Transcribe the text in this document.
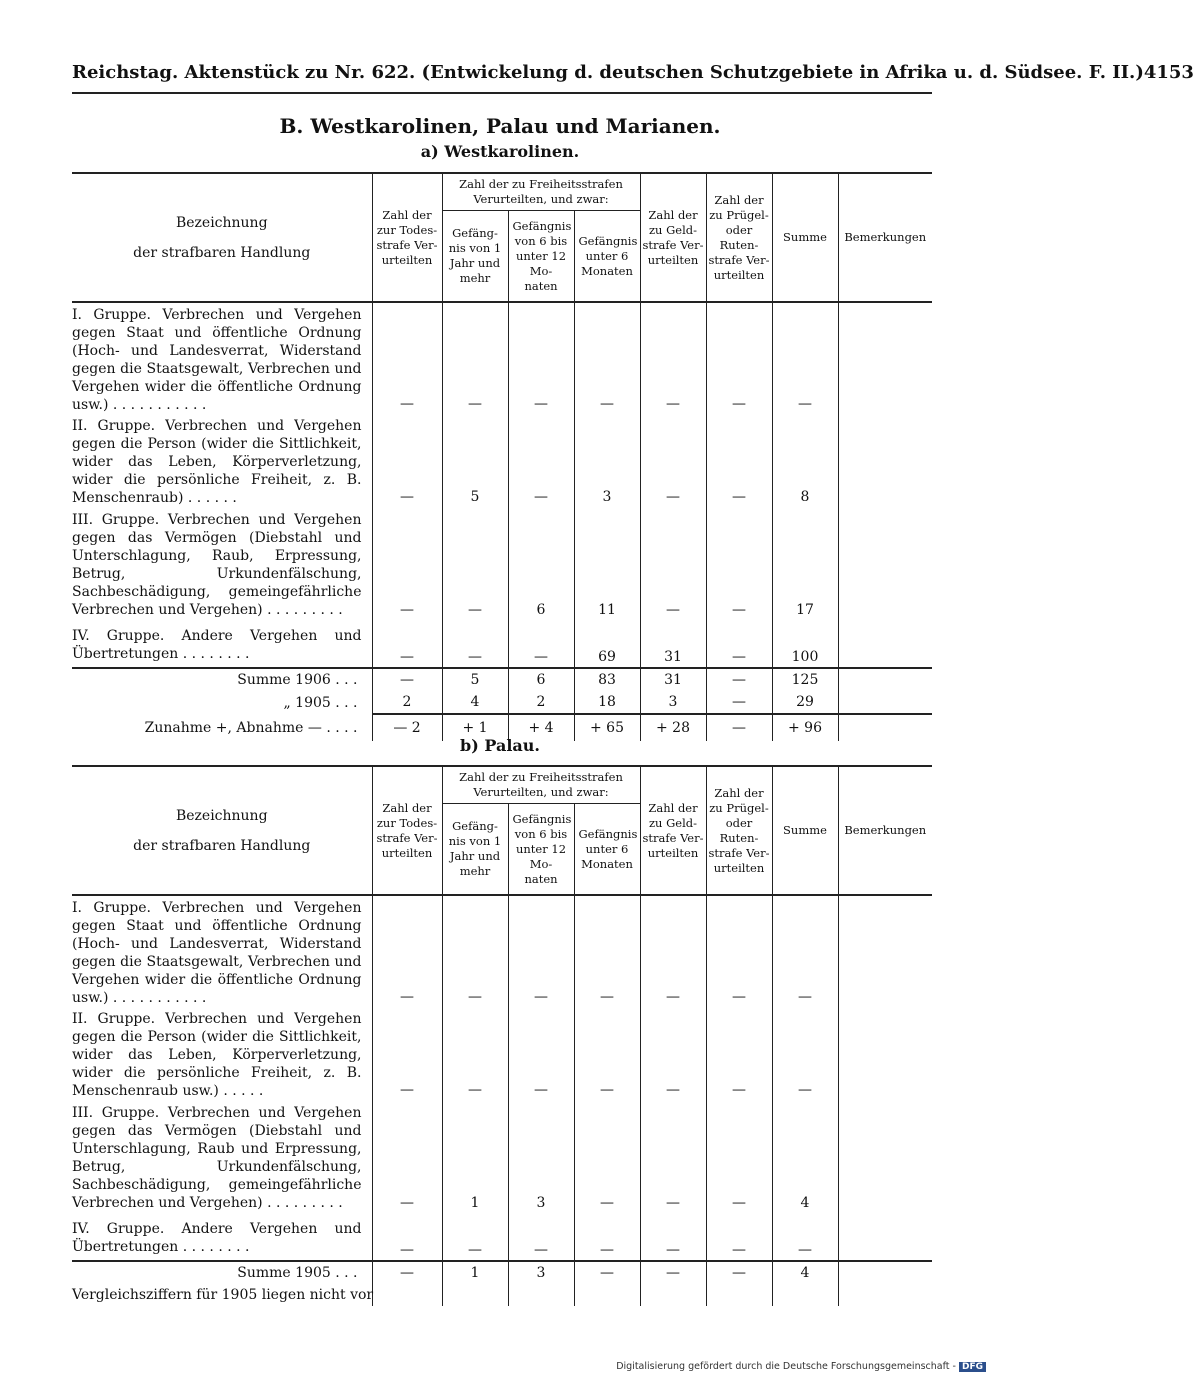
Reichstag. Aktenstück zu Nr. 622. (Entwickelung d. deutschen Schutzgebiete in Afrika u. d. Südsee. F. II.) 4153
B. Westkarolinen, Palau und Marianen.
a) Westkarolinen.
Bezeichnung
der strafbaren Handlung	Zahl der zur Todes- strafe Ver- urteilten	Zahl der zu Freiheitsstrafen Verurteilten, und zwar:			Zahl der zu Geld- strafe Ver- urteilten	Zahl der zu Prügel- oder Ruten- strafe Ver- urteilten	Summe	Bemerkungen
		Gefäng- nis von 1 Jahr und mehr	Gefängnis von 6 bis unter 12 Mo- naten	Gefängnis unter 6 Monaten				
I. Gruppe. Verbrechen und Vergehen gegen Staat und öffentliche Ordnung (Hoch- und Landesverrat, Widerstand gegen die Staatsgewalt, Verbrechen und Vergehen wider die öffentliche Ordnung usw.) . . . . . . . . . . .	—	—	—	—	—	—	—	
II. Gruppe. Verbrechen und Vergehen gegen die Person (wider die Sittlichkeit, wider das Leben, Körperverletzung, wider die persönliche Freiheit, z. B. Menschenraub) . . . . . .	—	5	—	3	—	—	8	
III. Gruppe. Verbrechen und Vergehen gegen das Vermögen (Diebstahl und Unterschlagung, Raub, Erpressung, Betrug, Urkundenfälschung, Sachbeschädigung, gemeingefährliche Verbrechen und Vergehen) . . . . . . . . .	—	—	6	11	—	—	17	
IV. Gruppe. Andere Vergehen und Übertretungen . . . . . . . .	—	—	—	69	31	—	100	
Summe 1906 . . .	—	5	6	83	31	—	125	
„ 1905 . . .	2	4	2	18	3	—	29	
Zunahme +, Abnahme — . . . .	— 2	+ 1	+ 4	+ 65	+ 28	—	+ 96	
b) Palau.
Bezeichnung
der strafbaren Handlung	Zahl der zur Todes- strafe Ver- urteilten	Zahl der zu Freiheitsstrafen Verurteilten, und zwar:			Zahl der zu Geld- strafe Ver- urteilten	Zahl der zu Prügel- oder Ruten- strafe Ver- urteilten	Summe	Bemerkungen
		Gefäng- nis von 1 Jahr und mehr	Gefängnis von 6 bis unter 12 Mo- naten	Gefängnis unter 6 Monaten				
I. Gruppe. Verbrechen und Vergehen gegen Staat und öffentliche Ordnung (Hoch- und Landesverrat, Widerstand gegen die Staatsgewalt, Verbrechen und Vergehen wider die öffentliche Ordnung usw.) . . . . . . . . . . .	—	—	—	—	—	—	—	
II. Gruppe. Verbrechen und Vergehen gegen die Person (wider die Sittlichkeit, wider das Leben, Körperverletzung, wider die persönliche Freiheit, z. B. Menschenraub usw.) . . . . .	—	—	—	—	—	—	—	
III. Gruppe. Verbrechen und Vergehen gegen das Vermögen (Diebstahl und Unterschlagung, Raub und Erpressung, Betrug, Urkundenfälschung, Sachbeschädigung, gemeingefährliche Verbrechen und Vergehen) . . . . . . . . .	—	1	3	—	—	—	4	
IV. Gruppe. Andere Vergehen und Übertretungen . . . . . . . .	—	—	—	—	—	—	—	
Summe 1905 . . .	—	1	3	—	—	—	4	
Vergleichsziffern für 1905 liegen nicht vor								
Digitalisierung gefördert durch die Deutsche Forschungsgemeinschaft - DFG
